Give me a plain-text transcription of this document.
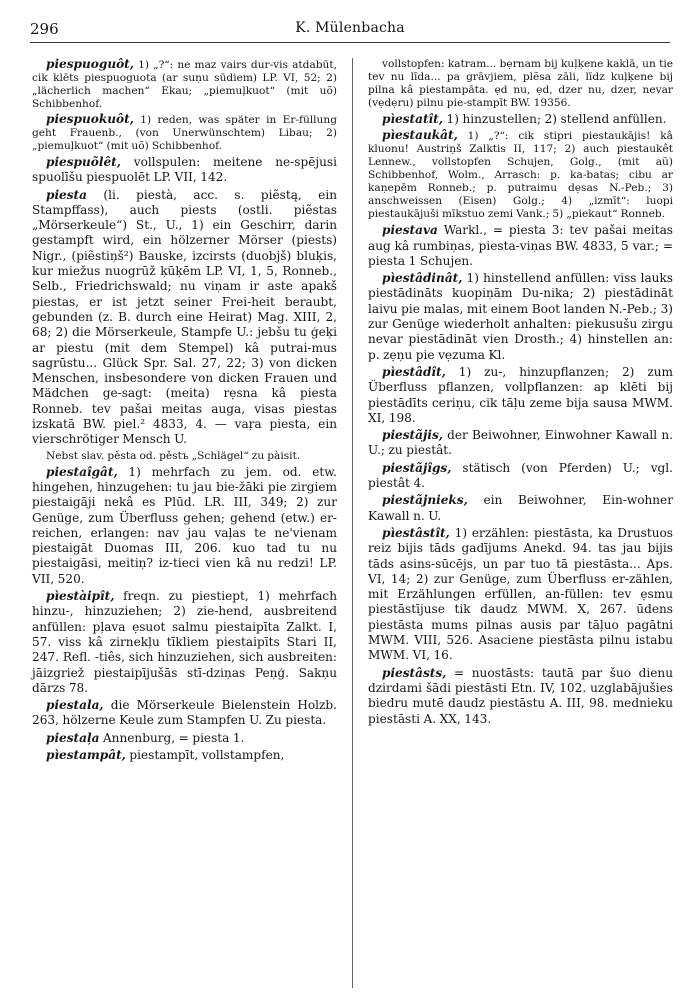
296	K. Mülenbacha

piespuoguôt, 1) „?“: ne maz vairs dur-vis atdabūt, cik klēts piespuoguota (ar suņu sūdiem) LP. VI, 52; 2) „lächerlich machen“ Ekau; „piemuļkuot“ (mit uõ) Schibbenhof.

piespuokuôt, 1) reden, was später in Er-füllung geht Frauenb., (von Unerwünschtem) Libau; 2) „piemuļkuot“ (mit uõ) Schibbenhof.

piespuõlêt, vollspulen: meitene ne-spējusi spuolīšu piespuolēt LP. VII, 142.

piesta (li. piestà, acc. s. piẽstą, ein Stampffass), auch piests (ostli. piẽstas „Mörserkeule“) St., U., 1) ein Geschirr, darin gestampft wird, ein hölzerner Mörser (piests) Nigr., (piẽstiņš²) Bauske, izcirsts (duobjš) bluķis, kur miežus nuogrūž ķūķēm LP. VI, 1, 5, Ronneb., Selb., Friedrichswald; nu viņam ir aste apakš piestas, er ist jetzt seiner Frei-heit beraubt, gebunden (z. B. durch eine Heirat) Mag. XIII, 2, 68; 2) die Mörserkeule, Stampfe U.: jebšu tu ģeķi ar piestu (mit dem Stempel) kâ putrai-mus sagrūstu... Glück Spr. Sal. 27, 22; 3) von dicken Menschen, insbesondere von dicken Frauen und Mädchen ge-sagt: (meita) rẹsna kâ piesta Ronneb. tev pašai meitas auga, visas piestas izskatā BW. piel.² 4833, 4. — vaŗa piesta, ein vierschrötiger Mensch U.

Nebst slav. pěsta od. pěstъ „Schlägel“ zu pàisit.

piestaîgât, 1) mehrfach zu jem. od. etw. hingehen, hinzugehen: tu jau bie-žāki pie zirgiem piestaigāji nekâ es Plūd. LR. III, 349; 2) zur Genüge, zum Überfluss gehen; gehend (etw.) er-reichen, erlangen: nav jau vaļas te ne'vienam piestaigāt Duomas III, 206. kuo tad tu nu piestaigāsi, meitiņ? iz-tieci vien kâ nu redzi! LP. VII, 520.

pìestàipît, freqn. zu piestiept, 1) mehrfach hinzu-, hinzuziehen; 2) zie-hend, ausbreitend anfüllen: pļava ẹsuot salmu piestaipīta Zalkt. I, 57. viss kâ zirnekļu tīkliem piestaipīts Stari II, 247. Refl. -tiês, sich hinzuziehen, sich ausbreiten: jāizgriež piestaipījušās stī-dziņas Peņģ. Sakņu dārzs 78.

piestala, die Mörserkeule Bielenstein Holzb. 263, hölzerne Keule zum Stampfen U. Zu piesta.

piestaļa Annenburg, = piesta 1.

pìestampât, piestampīt, vollstampfen,

vollstopfen: katram... bẹrnam bij kuļķene kaklā, un tie tev nu līda... pa grāvjiem, plẽsa zāli, līdz kuļķene bij pilna kâ piestampāta. ẹd nu, ẹd, dzer nu, dzer, nevar (vẹdẹru) pilnu pie-stampīt BW. 19356.

pìestatît, 1) hinzustellen; 2) stellend anfüllen.

pìestaukât, 1) „?“: cik stipri piestaukājis! kâ kluonu! Austriņš Zalktis II, 117; 2) auch piestaukêt Lennew., vollstopfen Schujen, Golg., (mit aũ) Schibbenhof, Wolm., Arrasch: p. ka-batas; cibu ar kaņepēm Ronneb.; p. putraimu dẹsas N.-Peb.; 3) anschweissen (Eisen) Golg.; 4) „izmīt“: luopi piestaukājuši mīkstuo zemi Vank.; 5) „piekaut“ Ronneb.

piestava Warkl., = piesta 3: tev pašai meitas aug kâ rumbiņas, piesta-viņas BW. 4833, 5 var.; = piesta 1 Schujen.

pìestâdinât, 1) hinstellend anfüllen: viss lauks piestādināts kuopiņām Du-nika; 2) piestādināt laivu pie malas, mit einem Boot landen N.-Peb.; 3) zur Genüge wiederholt anhalten: piekusušu zirgu nevar piestādināt vien Drosth.; 4) hinstellen an: p. zẹņu pie vẹzuma Kl.

pìestâdît, 1) zu-, hinzupflanzen; 2) zum Überfluss pflanzen, vollpflanzen: ap klēti bij piestādīts ceriņu, cik tāļu zeme bija sausa MWM. XI, 198.

piestãjis, der Beiwohner, Einwohner Kawall n. U.; zu piestât.

piestãjîgs, stätisch (von Pferden) U.; vgl. piestât 4.

piestãjnieks, ein Beiwohner, Ein-wohner Kawall n. U.

pìestâstît, 1) erzählen: piestāsta, ka Drustuos reiz bijis tāds gadījums Anekd. 94. tas jau bijis tāds asins-sūcējs, un par tuo tā piestāsta... Aps. VI, 14; 2) zur Genüge, zum Überfluss er-zählen, mit Erzählungen erfüllen, an-füllen: tev ẹsmu piestāstījuse tik daudz MWM. X, 267. ūdens piestāsta mums pilnas ausis par tāļuo pagātni MWM. VIII, 526. Asaciene piestāsta pilnu istabu MWM. VI, 16.

piestâsts, = nuostāsts: tautā par šuo dienu dzirdami šādi piestāsti Etn. IV, 102. uzglabājušies biedru mutē daudz piestāstu A. III, 98. mednieku piestāsti A. XX, 143.
